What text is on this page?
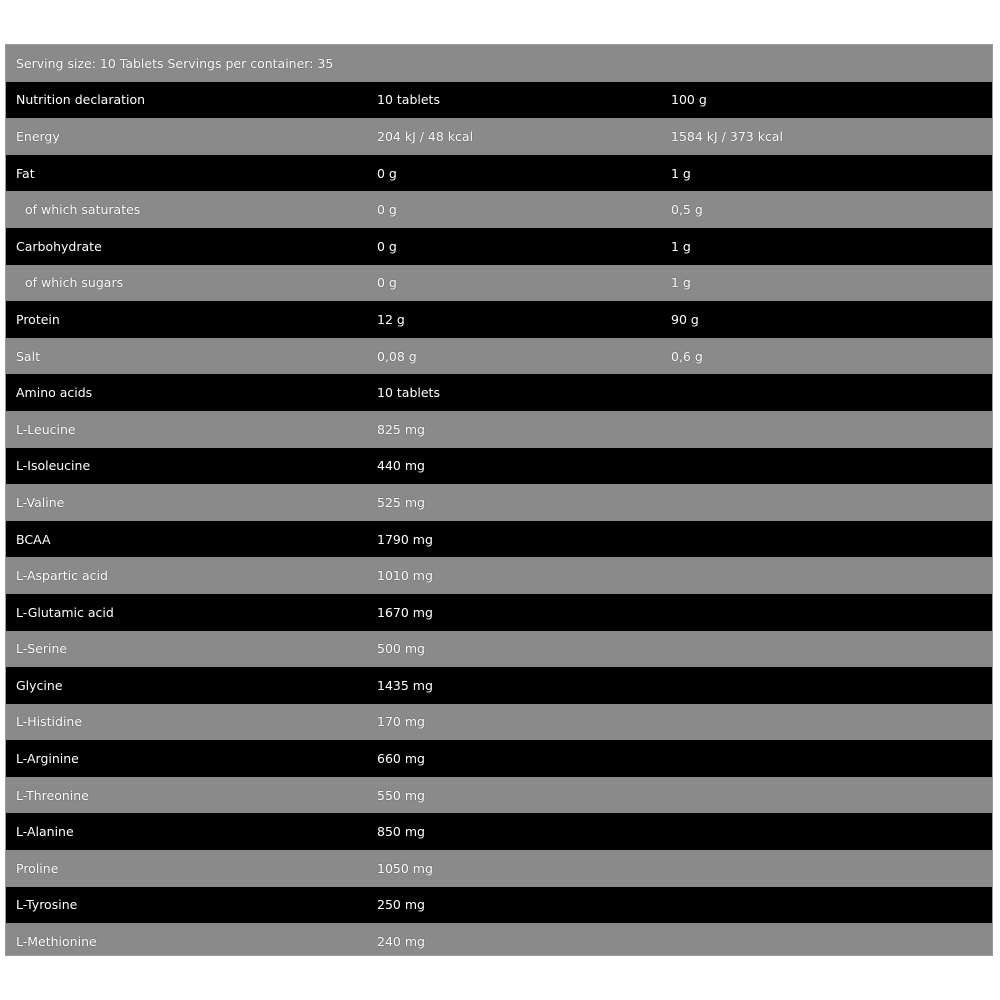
Serving size: 10 Tablets Servings per container: 35
Nutrition declaration	10 tablets	100 g
Energy	204 kJ / 48 kcal	1584 kJ / 373 kcal
Fat	0 g	1 g
of which saturates	0 g	0,5 g
Carbohydrate	0 g	1 g
of which sugars	0 g	1 g
Protein	12 g	90 g
Salt	0,08 g	0,6 g
Amino acids	10 tablets
L-Leucine	825 mg
L-Isoleucine	440 mg
L-Valine	525 mg
BCAA	1790 mg
L-Aspartic acid	1010 mg
L-Glutamic acid	1670 mg
L-Serine	500 mg
Glycine	1435 mg
L-Histidine	170 mg
L-Arginine	660 mg
L-Threonine	550 mg
L-Alanine	850 mg
Proline	1050 mg
L-Tyrosine	250 mg
L-Methionine	240 mg
